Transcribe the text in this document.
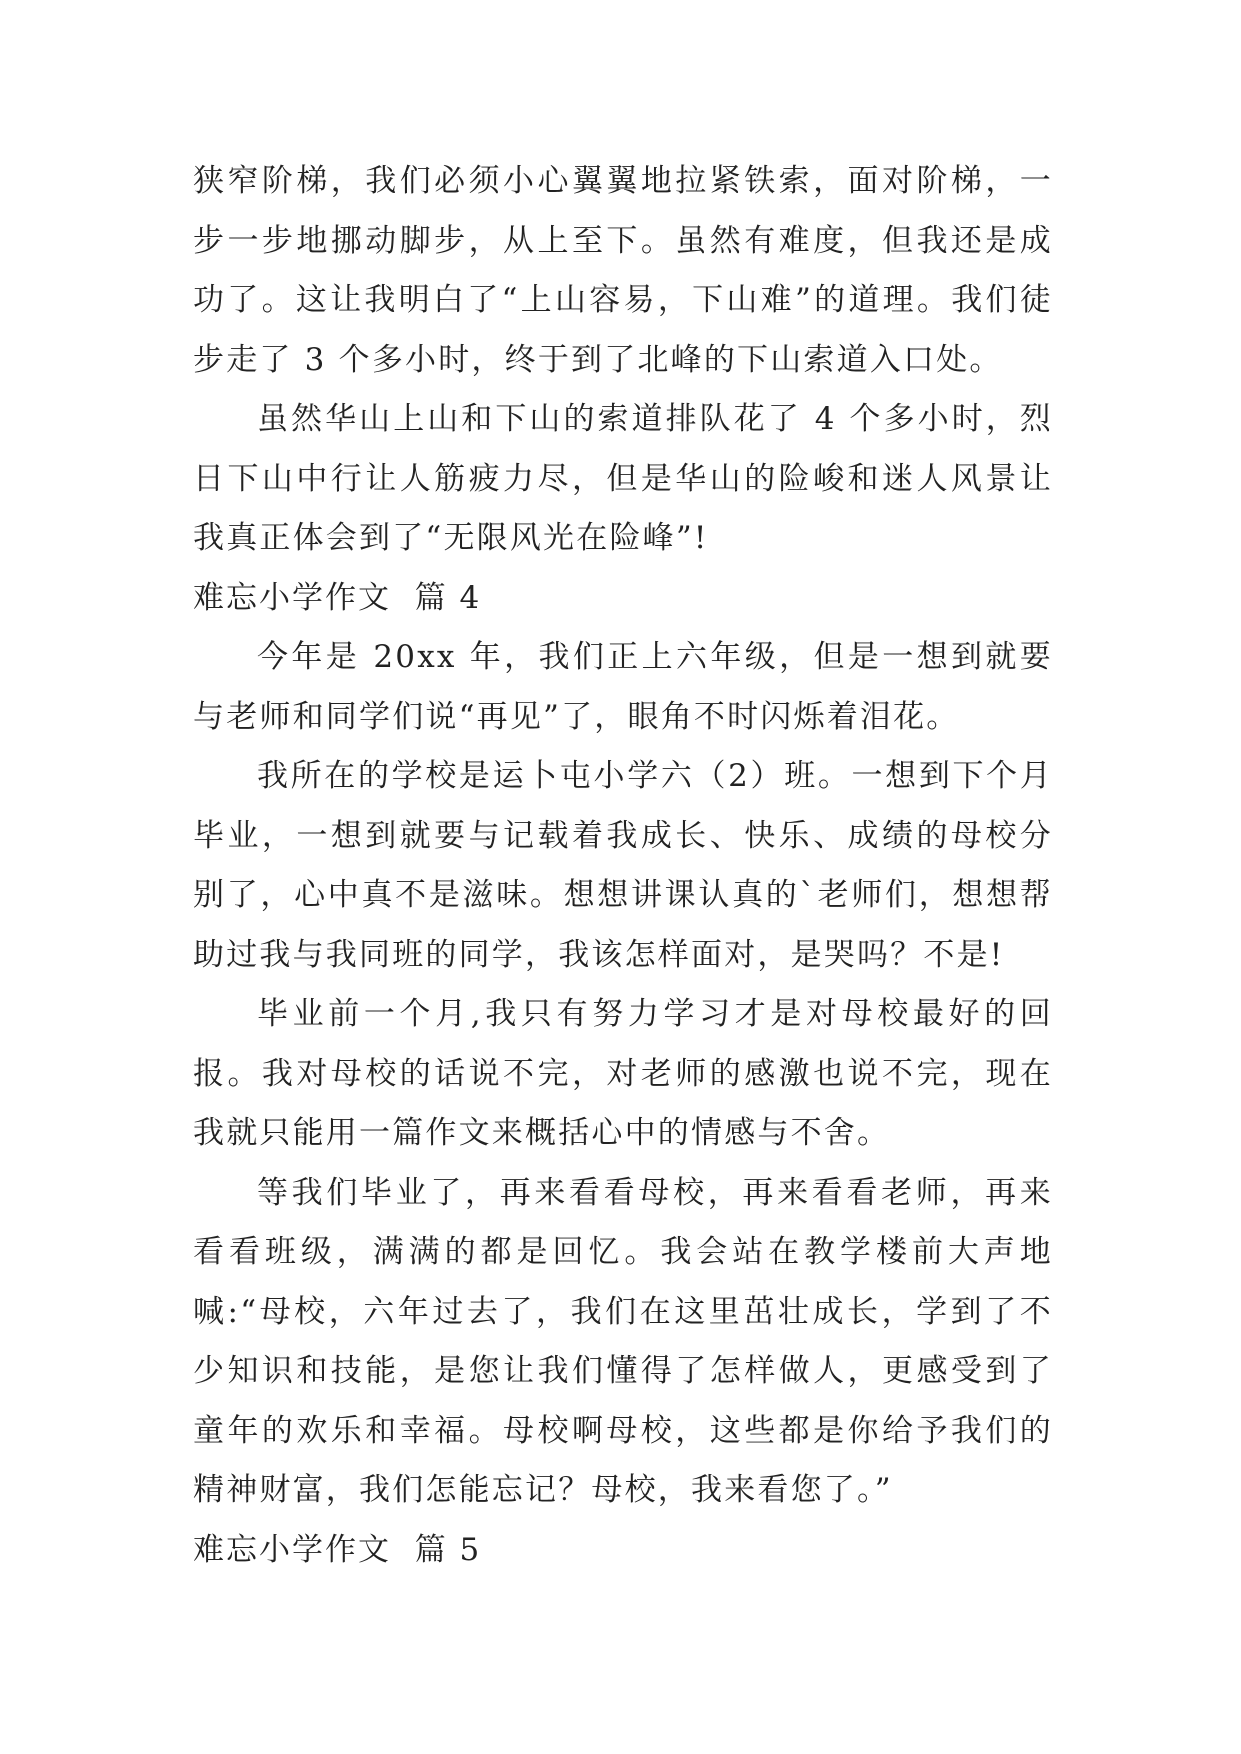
狭窄阶梯，我们必须小心翼翼地拉紧铁索，面对阶梯，一步一步地挪动脚步，从上至下。虽然有难度，但我还是成功了。这让我明白了“上山容易，下山难”的道理。我们徒步走了 3 个多小时，终于到了北峰的下山索道入口处。

虽然华山上山和下山的索道排队花了 4 个多小时，烈日下山中行让人筋疲力尽，但是华山的险峻和迷人风景让我真正体会到了“无限风光在险峰”!

难忘小学作文  篇 4

今年是 20xx 年，我们正上六年级，但是一想到就要与老师和同学们说“再见”了，眼角不时闪烁着泪花。

我所在的学校是运卜屯小学六（2）班。一想到下个月毕业，一想到就要与记载着我成长、快乐、成绩的母校分别了，心中真不是滋味。想想讲课认真的`老师们，想想帮助过我与我同班的同学，我该怎样面对，是哭吗？不是!

毕业前一个月,我只有努力学习才是对母校最好的回报。我对母校的话说不完，对老师的感激也说不完，现在我就只能用一篇作文来概括心中的情感与不舍。

等我们毕业了，再来看看母校，再来看看老师，再来看看班级，满满的都是回忆。我会站在教学楼前大声地喊:“母校，六年过去了，我们在这里茁壮成长，学到了不少知识和技能，是您让我们懂得了怎样做人，更感受到了童年的欢乐和幸福。母校啊母校，这些都是你给予我们的精神财富，我们怎能忘记？母校，我来看您了。”

难忘小学作文  篇 5
